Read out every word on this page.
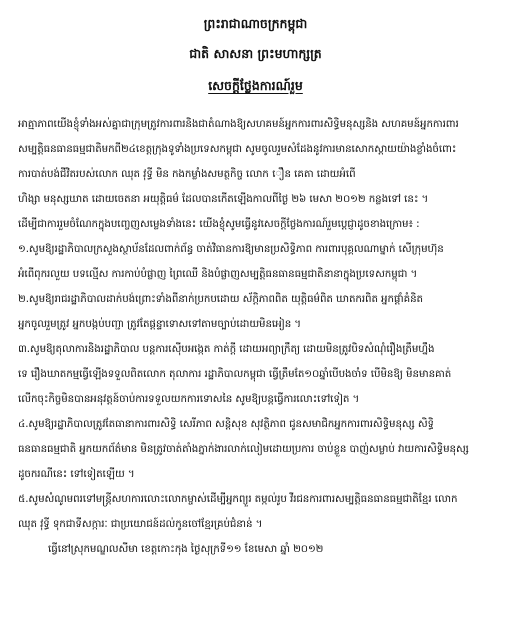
ព្រះរាជាណាចក្រកម្ពុជា

ជាតិ សាសនា ព្រះមហាក្សត្រ

សេចក្តីថ្លែងការណ៍រួម

អាត្មាភាពយើងខ្ញុំទាំងអស់គ្នាជាក្រុមត្រូវការពារនិងជាតំណាងឱ្យសហគមន៍អ្នកការពារសិទ្ធិមនុស្សនិង សហគមន៍អ្នកការពារ
សម្បត្តិធនធានធម្មជាតិមកពី២៤ខេត្តក្រុងទូទាំងប្រទេសកម្ពុជា សូមចូលរួមសំដែងនូវការមានសោកស្តាយយ៉ាងខ្លាំងចំពោះ
ការបាត់បង់ជីវិតរបស់លោក ឈុត វុទ្ធី មិន កងកម្លាំងសមត្ថកិច្ច លោក ឿន គេតា ដោយអំពើ
ហិង្សា មនុស្សឃាត ដោយចេតនា អយុត្តិធម៌ ដែលបានកើតឡើងកាលពីថ្ងៃ ២៦ មេសា ២០១២ កន្លងទៅ នេះ ។
ដើម្បីជាការរួមចំណែកក្នុងបញ្ចេញសម្លេងទាំងនេះ យើងខ្ញុំសូមធ្វើនូវសេចក្តីថ្លែងការណ៍រួមប្តេជ្ញាដូចខាងក្រោម៖ :
១.សូមឱ្យរដ្ឋាភិបាលក្រសួងស្ថាប័នដែលពាក់ព័ន្ធ ចាត់វិធានការឱ្យមានប្រសិទ្ធិភាព ការពារបុគ្គលណាម្នាក់ សើក្រុមហ៊ុន
អំពើពុករលួយ បទល្មើស ការកាប់បំផ្លាញ ព្រៃឈើ និងបំផ្លាញសម្បត្តិធនធានធម្មជាតិនានាក្នុងប្រទេសកម្ពុជា ។
២.សូមឱ្យរាជរដ្ឋាភិបាលដាក់បង់ព្រោះទាំងពីនាក់ប្រកបដោយ ស័ក្តិភាពពិត យុត្តិធម៌ពិត ឃាតករពិត អ្នកផ្តាំគំនិត
អ្នកចូលរួមត្រូវ អ្នកបង្កប់បញ្ជា ត្រូវតែផ្តន្ទាទោសទៅតាមច្បាប់ដោយមិនអៀន ។
៣.សូមឱ្យតុលាការនិងរដ្ឋាភិបាល បន្តការស៊ើបអង្កេត កាត់ក្តី ដោយអព្យាក្រឹត្យ ដោយមិនត្រូវបិទសំណុំរឿងត្រឹមហ្នឹង
ទេ រឿងឃាតកម្មធ្វើឡើងទទួលពិតលោក តុលាការ រដ្ឋាភិបាលកម្ពុជា ធ្វើត្រឹមតែ១០ឆ្នាំបើបងចាំទ បើមិនឱ្យ មិនមានគាត់
លើកចុះកិច្ចមិនបានអនុវត្តន៍ចាប់ការទទួលយកការទោសនៃ សូមឱ្យបន្តធ្វើការលោះទៅទៀត ។
៤.សូមឱ្យរដ្ឋាភិបាលត្រូវតែធានាការពារសិទ្ធិ សេរីភាព សន្តិសុខ សុវត្ថិភាព ជូនសមាជិកអ្នកការពារសិទ្ធិមនុស្ស សិទ្ធិ
ធនធានធម្មជាតិ អ្នកយកព័ត៌មាន មិនត្រូវចាត់តាំងភ្នាក់ងារលាក់លៀមដោយប្រការ ចាប់ខ្លួន បាញ់សម្លាប់ វាយការសិទ្ធិមនុស្ស
ដូចករណីនេះ ទៅទៀតឡើយ ។
៥.សូមសំណូមពរទៅមន្ត្រីសហការលោះលោកម្ចាស់ដើម្បីអ្នកព្យួរ តម្កល់រូប វីរជនការពារសម្បត្តិធនធានធម្មជាតិខ្មែរ លោក
ឈុត វុទ្ធី ទុកជាទីសក្ការៈ ជាប្រយោជន៍ដល់កូនចៅខ្មែរគ្រប់ជំនាន់ ។
ធ្វើនៅស្រុកមណ្ឌលសីមា ខេត្តកោះកុង ថ្ងៃសុក្រទី១១ ខែមេសា ឆ្នាំ ២០១២
